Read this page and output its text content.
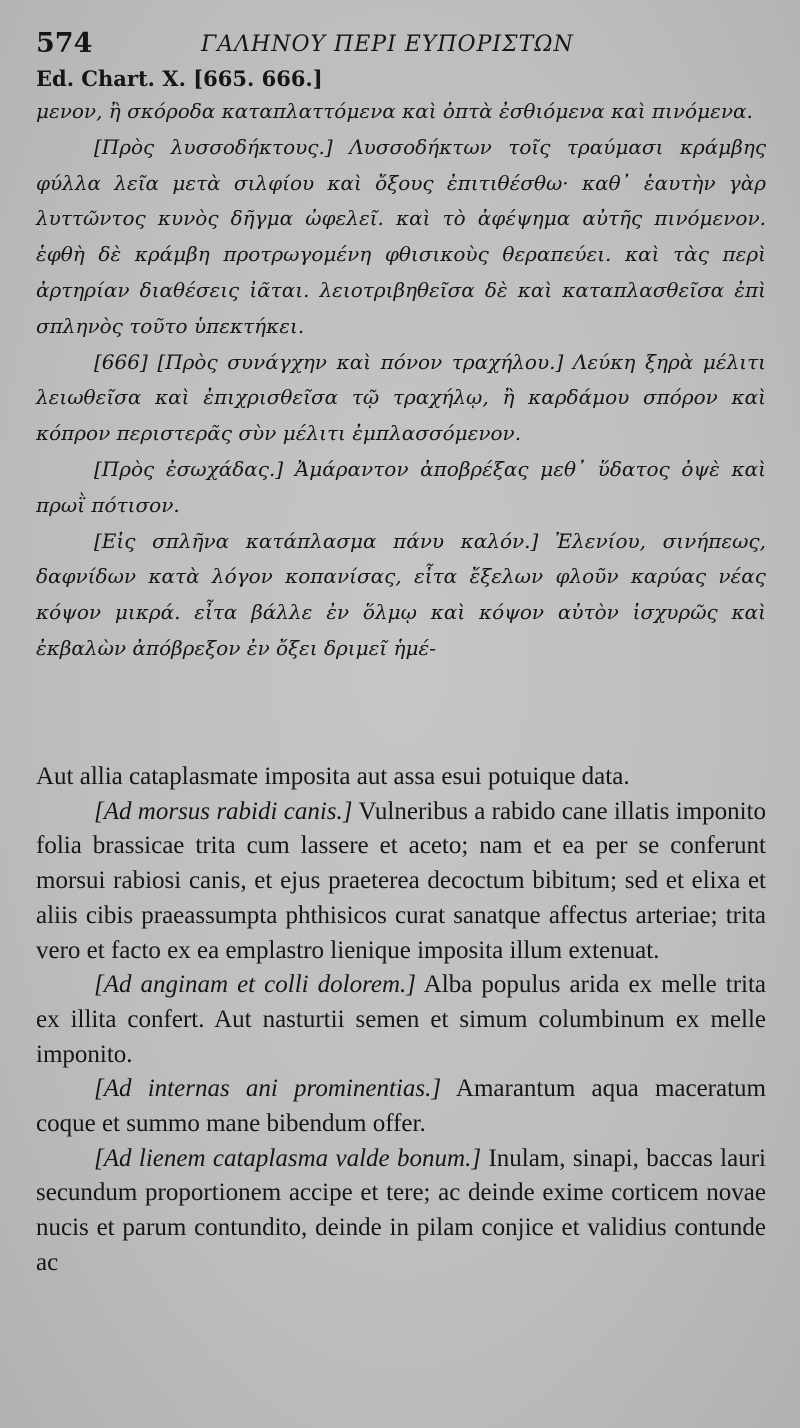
574	ΓΑΛΗΝΟΥ ΠΕΡΙ ΕΥΠΟΡΙΣΤΩΝ
Ed. Chart. X. [665. 666.]

μενον, ἢ σκόροδα καταπλαττόμενα καὶ ὀπτὰ ἐσθιόμενα καὶ πινόμενα.

[Πρὸς λυσσοδήκτους.] Λυσσοδήκτων τοῖς τραύμασι κράμβης φύλλα λεῖα μετὰ σιλφίου καὶ ὄξους ἐπιτιθέσθω· καθ᾽ ἑαυτὴν γὰρ λυττῶντος κυνὸς δῆγμα ὠφελεῖ. καὶ τὸ ἀφέψημα αὐτῆς πινόμενον. ἑφθὴ δὲ κράμβη προτρωγομένη φθισικοὺς θεραπεύει. καὶ τὰς περὶ ἀρτηρίαν διαθέσεις ἰᾶται. λειοτριβηθεῖσα δὲ καὶ καταπλασθεῖσα ἐπὶ σπληνὸς τοῦτο ὑπεκτήκει.

[666] [Πρὸς συνάγχην καὶ πόνον τραχήλου.] Λεύκη ξηρὰ μέλιτι λειωθεῖσα καὶ ἐπιχρισθεῖσα τῷ τραχήλῳ, ἢ καρδάμου σπόρον καὶ κόπρον περιστερᾶς σὺν μέλιτι ἐμπλασσόμενον.

[Πρὸς ἐσωχάδας.] Ἀμάραντον ἀποβρέξας μεθ᾽ ὕδατος ὀψὲ καὶ πρωῒ πότισον.

[Εἰς σπλῆνα κατάπλασμα πάνυ καλόν.] Ἐλενίου, σινήπεως, δαφνίδων κατὰ λόγον κοπανίσας, εἶτα ἔξελων φλοῦν καρύας νέας κόψον μικρά. εἶτα βάλλε ἐν ὅλμῳ καὶ κόψον αὐτὸν ἰσχυρῶς καὶ ἐκβαλὼν ἀπόβρεξον ἐν ὄξει δριμεῖ ἡμέ-

Aut allia cataplasmate imposita aut assa esui potuique data.

[Ad morsus rabidi canis.] Vulneribus a rabido cane illatis imponito folia brassicae trita cum lassere et aceto; nam et ea per se conferunt morsui rabiosi canis, et ejus praeterea decoctum bibitum; sed et elixa et aliis cibis praeassumpta phthisicos curat sanatque affectus arteriae; trita vero et facto ex ea emplastro lienique imposita illum extenuat.

[Ad anginam et colli dolorem.] Alba populus arida ex melle trita ex illita confert. Aut nasturtii semen et simum columbinum ex melle imponito.

[Ad internas ani prominentias.] Amarantum aqua maceratum coque et summo mane bibendum offer.

[Ad lienem cataplasma valde bonum.] Inulam, sinapi, baccas lauri secundum proportionem accipe et tere; ac deinde exime corticem novae nucis et parum contundito, deinde in pilam conjice et validius contunde ac
